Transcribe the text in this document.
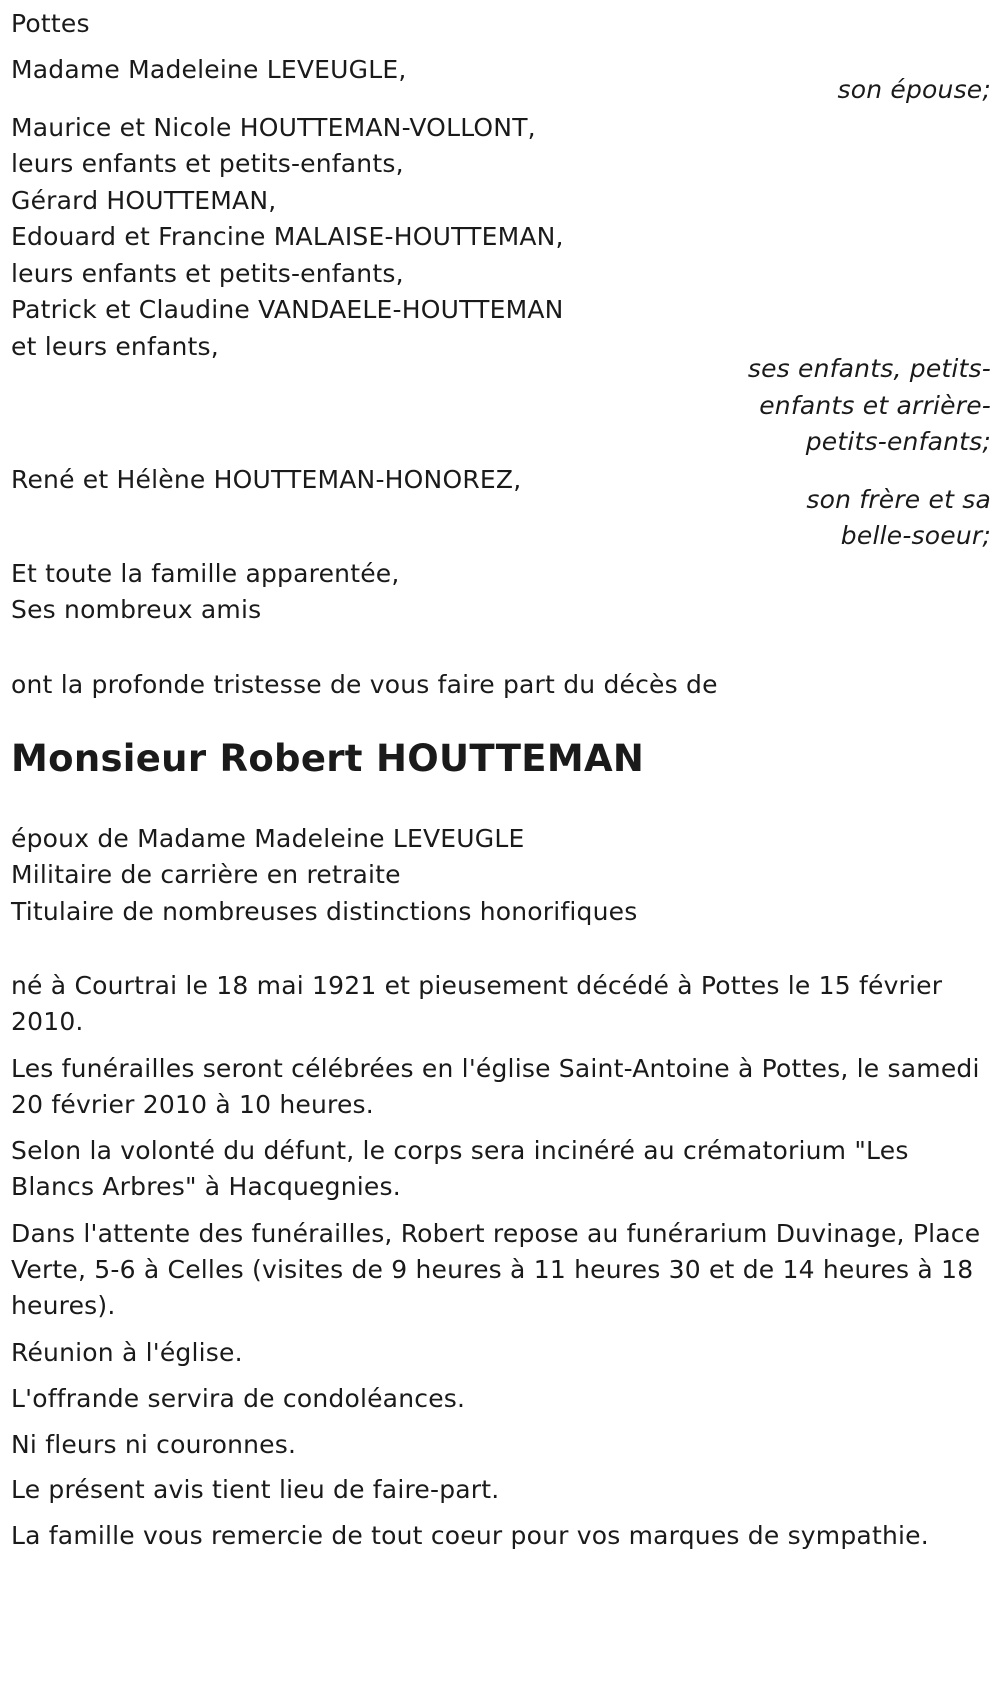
Pottes
Madame Madeleine LEVEUGLE,
son épouse;
Maurice et Nicole HOUTTEMAN-VOLLONT,
leurs enfants et petits-enfants,
Gérard HOUTTEMAN,
Edouard et Francine MALAISE-HOUTTEMAN,
leurs enfants et petits-enfants,
Patrick et Claudine VANDAELE-HOUTTEMAN
et leurs enfants,
ses enfants, petits-
enfants et arrière-
petits-enfants;
René et Hélène HOUTTEMAN-HONOREZ,
son frère et sa
belle-soeur;
Et toute la famille apparentée,
Ses nombreux amis
ont la profonde tristesse de vous faire part du décès de
Monsieur Robert HOUTTEMAN
époux de Madame Madeleine LEVEUGLE
Militaire de carrière en retraite
Titulaire de nombreuses distinctions honorifiques
né à Courtrai le 18 mai 1921 et pieusement décédé à Pottes le 15 février 2010.
Les funérailles seront célébrées en l'église Saint-Antoine à Pottes, le samedi 20 février 2010 à 10 heures.
Selon la volonté du défunt, le corps sera incinéré au crématorium "Les Blancs Arbres" à Hacquegnies.
Dans l'attente des funérailles, Robert repose au funérarium Duvinage, Place Verte, 5-6 à Celles (visites de 9 heures à 11 heures 30 et de 14 heures à 18 heures).
Réunion à l'église.
L'offrande servira de condoléances.
Ni fleurs ni couronnes.
Le présent avis tient lieu de faire-part.
La famille vous remercie de tout coeur pour vos marques de sympathie.
